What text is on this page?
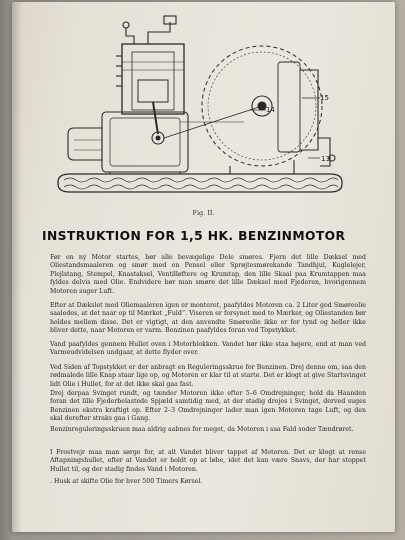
15
14
13
Fig. II.
INSTRUKTION FOR 1,5 HK. BENZINMOTOR

Før en ny Motor startes, bør alle bevægelige Dele smøres. Fjern det lille Dæksel med Oliestandsmaaleren og smør med en Pensel eller Sprøjtesmørekande Tandhjul, Kuglelejer, Plejlstang, Stempel, Knastaksel, Ventilløftere og Krumtap, den lille Skaal paa Krumtappen maa fyldes delvis med Olie. Endvidere bør man smøre det lille Dæksel med Fjederen, hvorigennem Motoren suger Luft.

Efter at Dækslet med Oliemaaleren igen er monteret, paafyldes Motoren ca. 2 Liter god Smøreolie saaledes, at det naar op til Mærket „Fuld“. Viseren er forsynet med to Mærker, og Oliestanden bør holdes mellem disse. Det er vigtigt, at den anvendte Smøreolie ikke er for tynd og heller ikke bliver dette, naar Motoren er varm. Benzinen paafyldes foran ved Topstykket.

Vand paafyldes gennem Hullet oven i Motorblokken. Vandet bør ikke staa højere, end at man ved Varmeudvidelsen undgaar, at dette flyder over.

Ved Siden af Topstykket er der anbragt en Reguleringsskrue for Benzinen. Drej denne om, saa den rødmalede lille Knap staar lige op, og Motoren er klar til at starte. Det er klogt at give Startsvinget lidt Olie i Hullet, for at det ikke skal gaa fast.

Drej derpaa Svinget rundt, og tænder Motoren ikke efter 5–6 Omdrejninger, hold da Haanden foran det lille Fjederbelastede Spjæld samtidig med, at der stadig drejes i Svinget, derved suges Benzinen ekstra kraftigt op. Efter 2–3 Omdrejninger lader man igen Motoren tage Luft, og den skal derefter straks gaa i Gang.

Benzinreguleringsskruen maa aldrig aabnes for meget, da Motoren i saa Fald soder Tændrøret.

I Frostvejr maa man sørge for, at alt Vandet bliver tappet af Motoren. Det er klogt at rense Aftapningshullet, efter at Vandet er holdt op at løbe, idet det kan være Snavs, der har stoppet Hullet til, og der stadig findes Vand i Motoren.

. Husk at skifte Olie for hver 500 Timers Kørsel.
